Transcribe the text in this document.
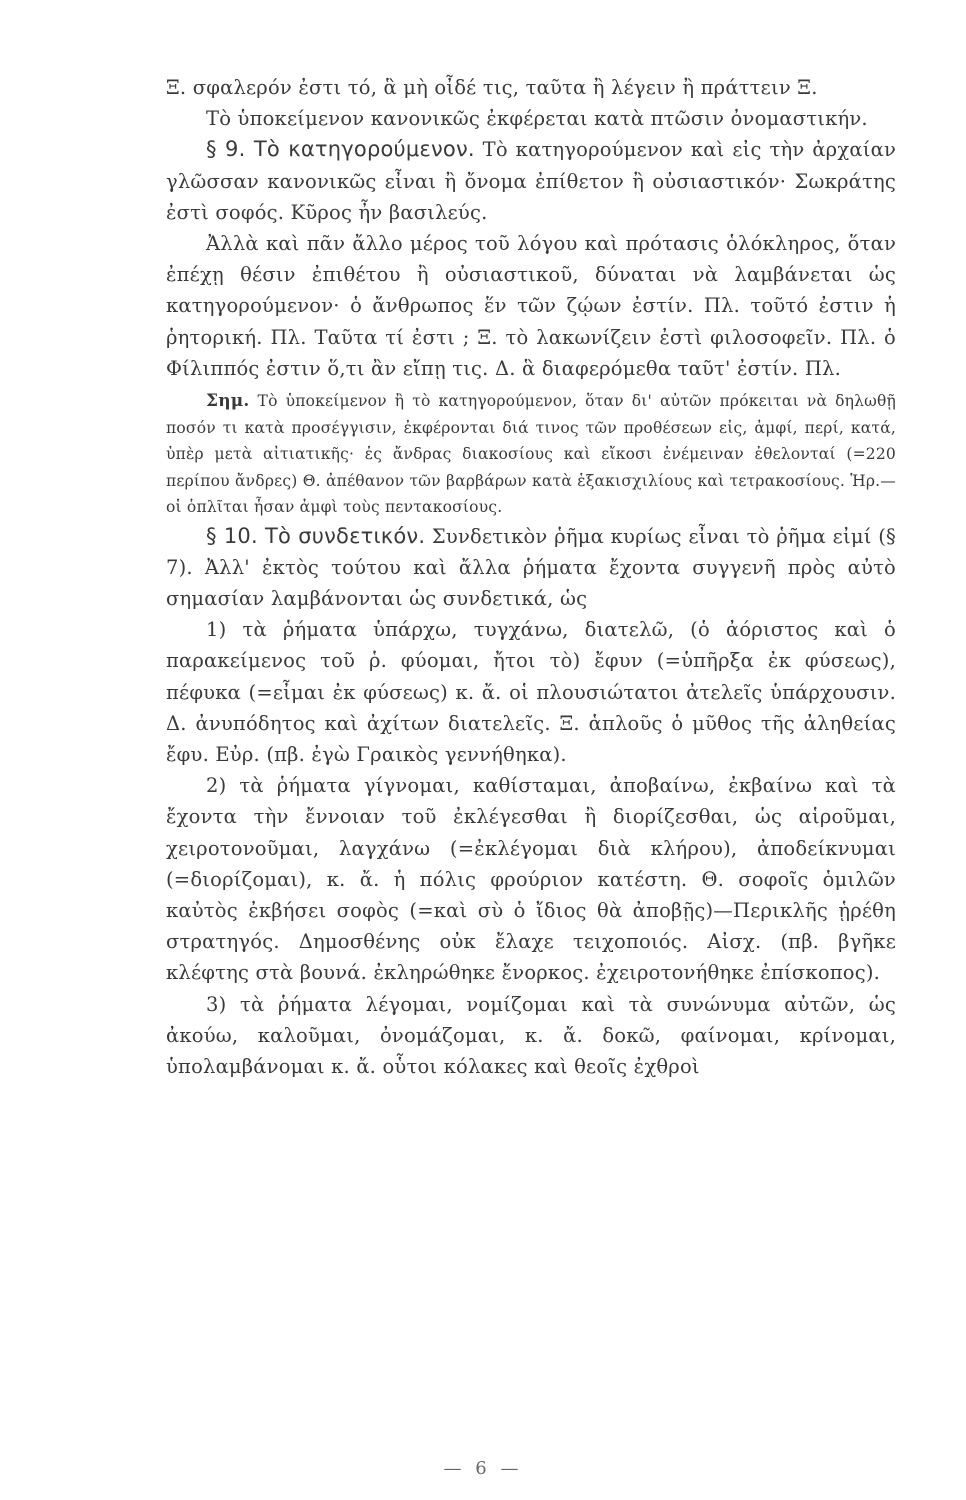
Ξ. σφαλερόν ἐστι τό, ἃ μὴ οἶδέ τις, ταῦτα ἢ λέγειν ἢ πράττειν Ξ.

Τὸ ὑποκείμενον κανονικῶς ἐκφέρεται κατὰ πτῶσιν ὀνομαστικήν.

§ 9. Τὸ κατηγορούμενον. Τὸ κατηγορούμενον καὶ εἰς τὴν ἀρχαίαν γλῶσσαν κανονικῶς εἶναι ἢ ὄνομα ἐπίθετον ἢ οὐσιαστικόν· Σωκράτης ἐστὶ σοφός. Κῦρος ἦν βασιλεύς.

Ἀλλὰ καὶ πᾶν ἄλλο μέρος τοῦ λόγου καὶ πρότασις ὁλόκληρος, ὅταν ἐπέχῃ θέσιν ἐπιθέτου ἢ οὐσιαστικοῦ, δύναται νὰ λαμβάνεται ὡς κατηγορούμενον· ὁ ἄνθρωπος ἕν τῶν ζῴων ἐστίν. Πλ. τοῦτό ἐστιν ἡ ῥητορική. Πλ. Ταῦτα τί ἐστι ; Ξ. τὸ λακωνίζειν ἐστὶ φιλοσοφεῖν. Πλ. ὁ Φίλιππός ἐστιν ὅ,τι ἂν εἴπῃ τις. Δ. ἃ διαφερόμεθα ταῦτ' ἐστίν. Πλ.

Σημ. Τὸ ὑποκείμενον ἢ τὸ κατηγορούμενον, ὅταν δι' αὐτῶν πρόκειται νὰ δηλωθῇ ποσόν τι κατὰ προσέγγισιν, ἐκφέρονται διά τινος τῶν προθέσεων εἰς, ἀμφί, περί, κατά, ὑπὲρ μετὰ αἰτιατικῆς· ἐς ἄνδρας διακοσίους καὶ εἴκοσι ἐνέμειναν ἐθελονταί (=220 περίπου ἄνδρες) Θ. ἀπέθανον τῶν βαρβάρων κατὰ ἑξακισχιλίους καὶ τετρακοσίους. Ἡρ.—οἱ ὁπλῖται ἦσαν ἀμφὶ τοὺς πεντακοσίους.

§ 10. Τὸ συνδετικόν. Συνδετικὸν ῥῆμα κυρίως εἶναι τὸ ῥῆμα εἰμί (§ 7). Ἀλλ' ἐκτὸς τούτου καὶ ἄλλα ῥήματα ἔχοντα συγγενῆ πρὸς αὐτὸ σημασίαν λαμβάνονται ὡς συνδετικά, ὡς

1) τὰ ῥήματα ὑπάρχω, τυγχάνω, διατελῶ, (ὁ ἀόριστος καὶ ὁ παρακείμενος τοῦ ῥ. φύομαι, ἤτοι τὸ) ἔφυν (=ὑπῆρξα ἐκ φύσεως), πέφυκα (=εἶμαι ἐκ φύσεως) κ. ἄ. οἱ πλουσιώτατοι ἀτελεῖς ὑπάρχουσιν. Δ. ἀνυπόδητος καὶ ἀχίτων διατελεῖς. Ξ. ἁπλοῦς ὁ μῦθος τῆς ἀληθείας ἔφυ. Εὐρ. (πβ. ἐγὼ Γραικὸς γεννήθηκα).

2) τὰ ῥήματα γίγνομαι, καθίσταμαι, ἀποβαίνω, ἐκβαίνω καὶ τὰ ἔχοντα τὴν ἔννοιαν τοῦ ἐκλέγεσθαι ἢ διορίζεσθαι, ὡς αἱροῦμαι, χειροτονοῦμαι, λαγχάνω (=ἐκλέγομαι διὰ κλήρου), ἀποδείκνυμαι (=διορίζομαι), κ. ἄ. ἡ πόλις φρούριον κατέστη. Θ. σοφοῖς ὁμιλῶν καὐτὸς ἐκβήσει σοφὸς (=καὶ σὺ ὁ ἴδιος θὰ ἀποβῇς)—Περικλῆς ᾑρέθη στρατηγός. Δημοσθένης οὐκ ἔλαχε τειχοποιός. Αἰσχ. (πβ. βγῆκε κλέφτης στὰ βουνά. ἐκληρώθηκε ἔνορκος. ἐχειροτονήθηκε ἐπίσκοπος).

3) τὰ ῥήματα λέγομαι, νομίζομαι καὶ τὰ συνώνυμα αὐτῶν, ὡς ἀκούω, καλοῦμαι, ὀνομάζομαι, κ. ἄ. δοκῶ, φαίνομαι, κρίνομαι, ὑπολαμβάνομαι κ. ἄ. οὗτοι κόλακες καὶ θεοῖς ἐχθροὶ

— 6 —
